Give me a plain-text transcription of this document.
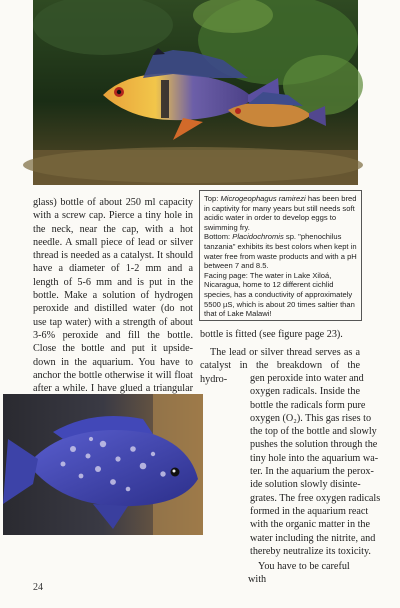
glass) bottle of about 250 ml capacity with a screw cap. Pierce a tiny hole in the neck, near the cap, with a hot needle. A small piece of lead or silver thread is needed as a catalyst. It should have a diameter of 1-2 mm and a length of 5-6 mm and is put in the bottle. Make a solution of hydrogen peroxide and distilled water (do not use tap water) with a strength of about 3-6% peroxide and fill the bottle. Close the bottle and put it upside-down in the aquarium. You have to anchor the bottle otherwise it will float after a while. I have glued a triangular

Top: Microgeophagus ramirezi has been bred in captivity for many years but still needs soft acidic water in order to develop eggs to swimming fry.

Bottom: Placidochromis sp. "phenochilus tanzania" exhibits its best colors when kept in water free from waste products and with a pH between 7 and 8.5.

Facing page: The water in Lake Xiloá, Nicaragua, home to 12 different cichlid species, has a conductivity of approximately 5500 µS, which is about 20 times saltier than that of Lake Malawi!

bottle is fitted (see figure page 23).
The lead or silver thread serves as a catalyst in the breakdown of the hydro-	gen peroxide into water and
oxygen radicals. Inside the
bottle the radicals form pure
oxygen (O₂). This gas rises to
the top of the bottle and slowly
pushes the solution through the
tiny hole into the aquarium wa-
ter. In the aquarium the perox-
ide solution slowly disinte-
grates. The free oxygen radicals
formed in the aquarium react
with the organic matter in the
water including the nitrite, and
thereby neutralize its toxicity.
You have to be careful with
24
